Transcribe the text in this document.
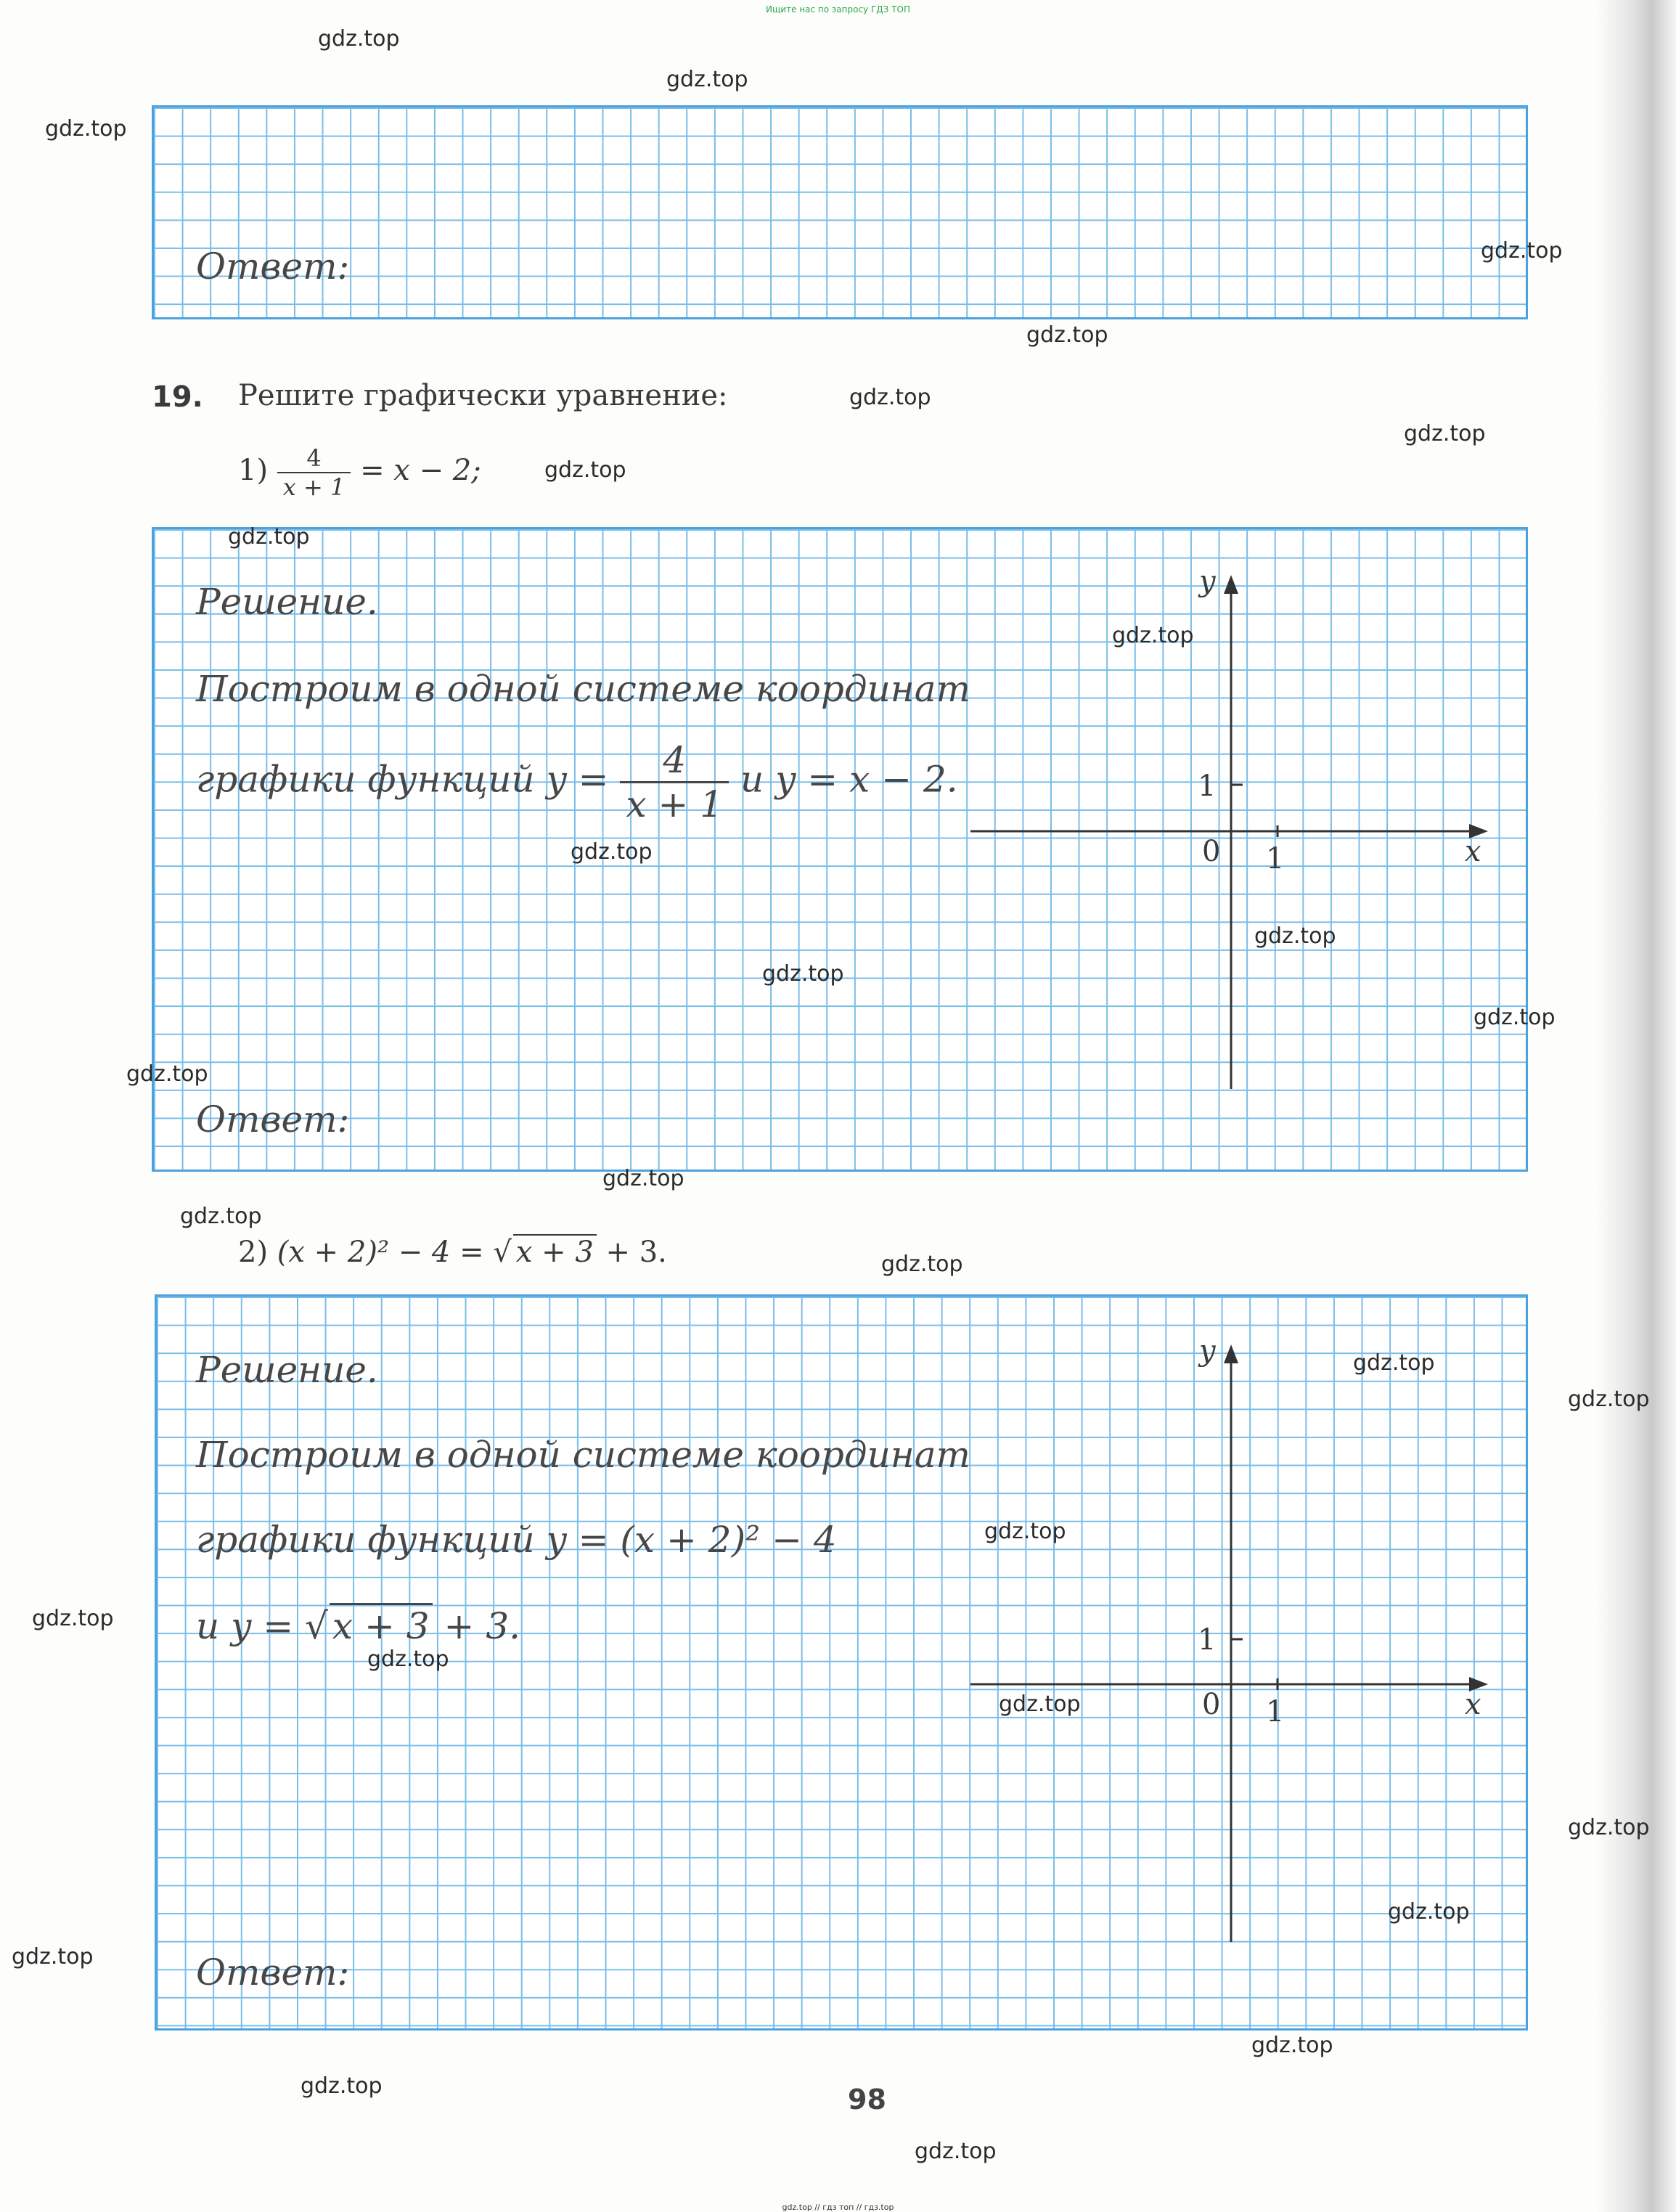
Ищите нас по запросу ГДЗ ТОП
Ответ:
19. Решите графически уравнение:
$1) \frac{4}{x + 1} = x - 2$;
Решение.
Построим в одной системе координат
графики функций $y = \frac{4}{x + 1}$ и y = x − 2.
Ответ:
y
x
0
1
1
2) (x + 2)² − 4 = √ x + 3 + 3.
Решение.
Построим в одной системе координат
графики функций y = (x + 2)² − 4
и y = √ x + 3 + 3.
Ответ:
y
x
0
1
1
98
gdz.top
gdz.top
gdz.top
gdz.top
gdz.top
gdz.top
gdz.top
gdz.top
gdz.top
gdz.top
gdz.top
gdz.top
gdz.top
gdz.top
gdz.top
gdz.top
gdz.top
gdz.top
gdz.top
gdz.top
gdz.top
gdz.top
gdz.top
gdz.top
gdz.top
gdz.top
gdz.top
gdz.top
gdz.top
gdz.top
gdz.top // гдз топ // гдз.top
